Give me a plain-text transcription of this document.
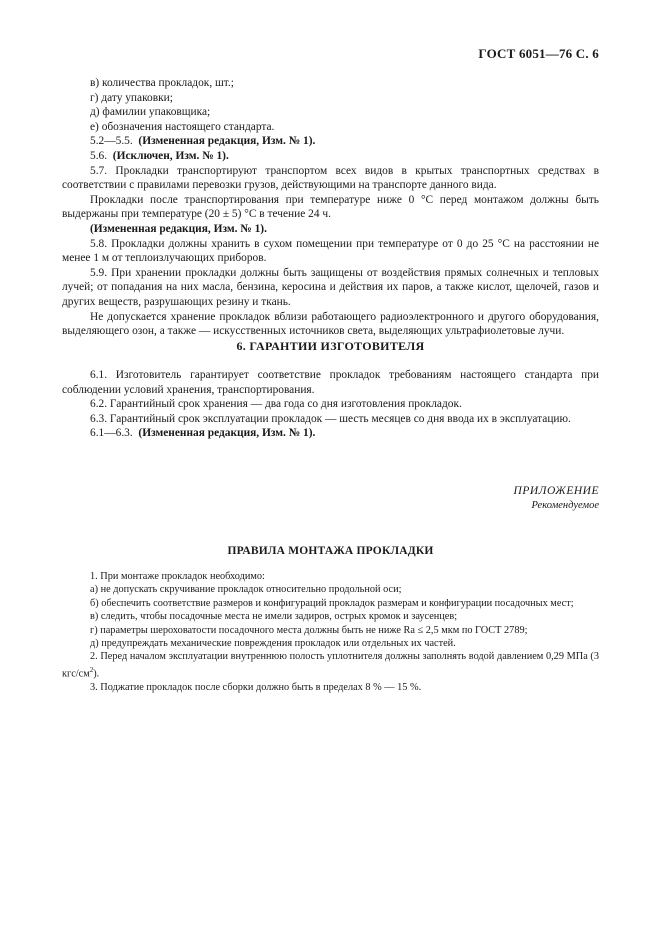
ГОСТ 6051—76 С. 6

в) количества прокладок, шт.;

г) дату упаковки;

д) фамилии упаковщика;

е) обозначения настоящего стандарта.

5.2—5.5. (Измененная редакция, Изм. № 1).

5.6. (Исключен, Изм. № 1).

5.7. Прокладки транспортируют транспортом всех видов в крытых транспортных средствах в соответствии с правилами перевозки грузов, действующими на транспорте данного вида.

Прокладки после транспортирования при температуре ниже 0 °С перед монтажом должны быть выдержаны при температуре (20 ± 5) °С в течение 24 ч.

(Измененная редакция, Изм. № 1).

5.8. Прокладки должны хранить в сухом помещении при температуре от 0 до 25 °С на расстоянии не менее 1 м от теплоизлучающих приборов.

5.9. При хранении прокладки должны быть защищены от воздействия прямых солнечных и тепловых лучей; от попадания на них масла, бензина, керосина и действия их паров, а также кислот, щелочей, газов и других веществ, разрушающих резину и ткань.

Не допускается хранение прокладок вблизи работающего радиоэлектронного и другого оборудования, выделяющего озон, а также — искусственных источников света, выделяющих ультрафиолетовые лучи.

6. ГАРАНТИИ ИЗГОТОВИТЕЛЯ

6.1. Изготовитель гарантирует соответствие прокладок требованиям настоящего стандарта при соблюдении условий хранения, транспортирования.

6.2. Гарантийный срок хранения — два года со дня изготовления прокладок.

6.3. Гарантийный срок эксплуатации прокладок — шесть месяцев со дня ввода их в эксплуатацию.

6.1—6.3. (Измененная редакция, Изм. № 1).

ПРИЛОЖЕНИЕ
Рекомендуемое
ПРАВИЛА МОНТАЖА ПРОКЛАДКИ

1. При монтаже прокладок необходимо:

а) не допускать скручивание прокладок относительно продольной оси;

б) обеспечить соответствие размеров и конфигураций прокладок размерам и конфигурации посадочных мест;

в) следить, чтобы посадочные места не имели задиров, острых кромок и заусенцев;

г) параметры шероховатости посадочного места должны быть не ниже Ra ≤ 2,5 мкм по ГОСТ 2789;

д) предупреждать механические повреждения прокладок или отдельных их частей.

2. Перед началом эксплуатации внутреннюю полость уплотнителя должны заполнять водой давлением 0,29 МПа (3 кгс/$см^2$).

3. Поджатие прокладок после сборки должно быть в пределах 8 % — 15 %.
